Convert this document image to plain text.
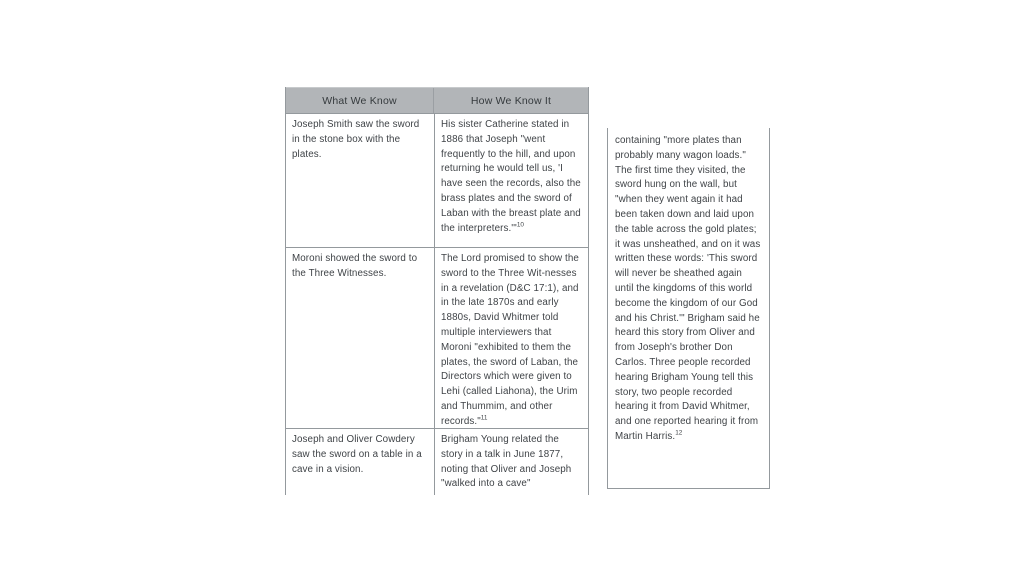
What We Know	How We Know It
Joseph Smith saw the sword in the stone box with the plates.
His sister Catherine stated in 1886 that Joseph "went frequently to the hill, and upon returning he would tell us, 'I have seen the records, also the brass plates and the sword of Laban with the breast plate and the interpreters.'"$^{10}$
Moroni showed the sword to the Three Witnesses.
The Lord promised to show the sword to the Three Wit‑nesses in a revelation (D&C 17:1), and in the late 1870s and early 1880s, David Whitmer told multiple interviewers that Moroni "exhibited to them the plates, the sword of Laban, the Directors which were given to Lehi (called Liahona), the Urim and Thummim, and other records."$^{11}$
Joseph and Oliver Cowdery saw the sword on a table in a cave in a vision.
Brigham Young related the story in a talk in June 1877, noting that Oliver and Joseph "walked into a cave"
containing "more plates than probably many wagon loads." The first time they visited, the sword hung on the wall, but "when they went again it had been taken down and laid upon the table across the gold plates; it was unsheathed, and on it was written these words: 'This sword will never be sheathed again until the kingdoms of this world become the kingdom of our God and his Christ.'" Brigham said he heard this story from Oliver and from Joseph's brother Don Carlos. Three people recorded hearing Brigham Young tell this story, two people recorded hearing it from David Whitmer, and one reported hearing it from Martin Harris.$^{12}$
